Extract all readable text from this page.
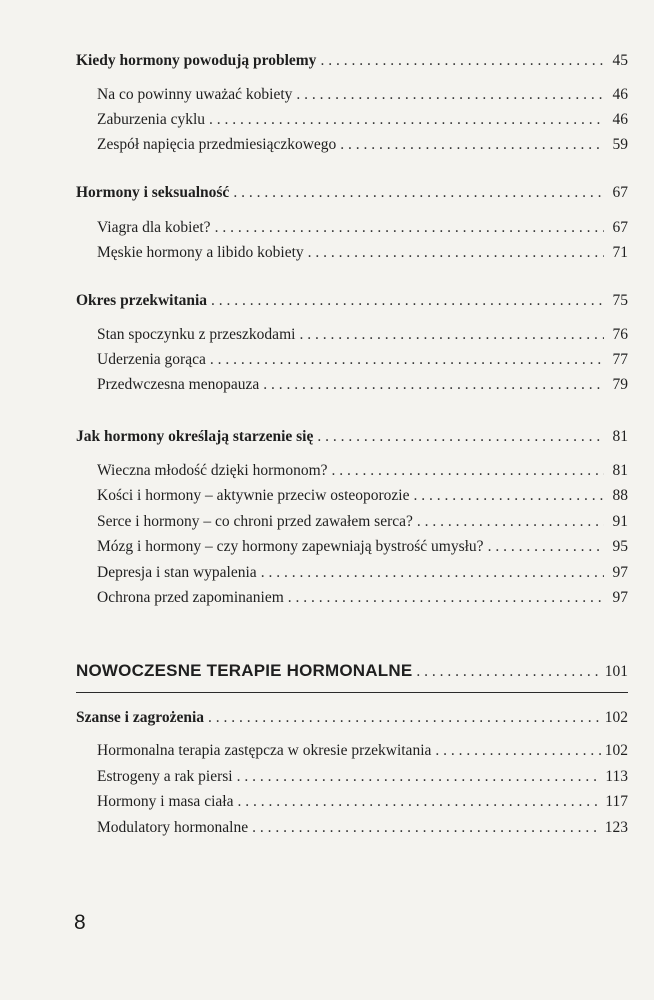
Kiedy hormony powodują problemy . . .	45
Na co powinny uważać kobiety . . .	46
Zaburzenia cyklu . . .	46
Zespół napięcia przedmiesiączkowego . . .	59
Hormony i seksualność . . .	67
Viagra dla kobiet? . . .	67
Męskie hormony a libido kobiety . . .	71
Okres przekwitania . . .	75
Stan spoczynku z przeszkodami . . .	76
Uderzenia gorąca . . .	77
Przedwczesna menopauza . . .	79
Jak hormony określają starzenie się . . .	81
Wieczna młodość dzięki hormonom? . . .	81
Kości i hormony – aktywnie przeciw osteoporozie . . .	88
Serce i hormony – co chroni przed zawałem serca? . . .	91
Mózg i hormony – czy hormony zapewniają bystrość umysłu? . . .	95
Depresja i stan wypalenia . . .	97
Ochrona przed zapominaniem . . .	97
NOWOCZESNE TERAPIE HORMONALNE . . .	101
Szanse i zagrożenia . . .	102
Hormonalna terapia zastępcza w okresie przekwitania . . .	102
Estrogeny a rak piersi . . .	113
Hormony i masa ciała . . .	117
Modulatory hormonalne . . .	123
8
